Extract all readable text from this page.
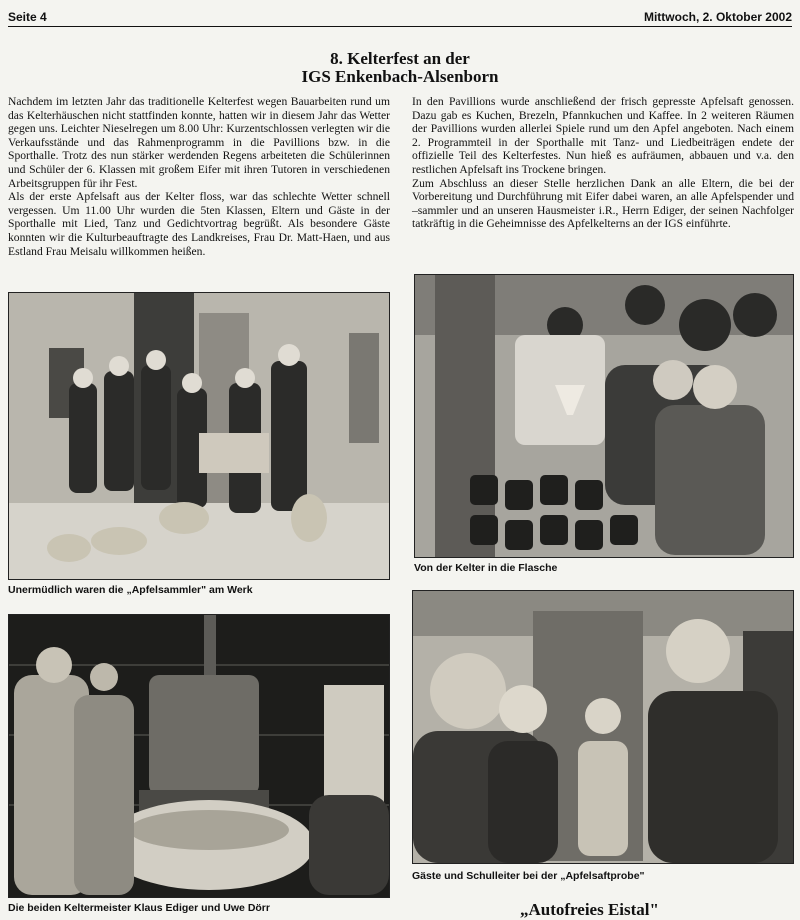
Seite 4	Mittwoch, 2. Oktober 2002
8. Kelterfest an der
IGS Enkenbach-Alsenborn

Nachdem im letzten Jahr das traditionelle Kelterfest wegen Bauarbeiten rund um das Kelterhäuschen nicht stattfinden konnte, hatten wir in diesem Jahr das Wetter gegen uns. Leichter Nieselregen um 8.00 Uhr: Kurzentschlossen verlegten wir die Verkaufsstände und das Rahmenprogramm in die Pavillions bzw. in die Sporthalle. Trotz des nun stärker werdenden Regens arbeiteten die Schülerinnen und Schüler der 6. Klassen mit großem Eifer mit ihren Tutoren in verschiedenen Arbeitsgruppen für ihr Fest.

Als der erste Apfelsaft aus der Kelter floss, war das schlechte Wetter schnell vergessen. Um 11.00 Uhr wurden die 5ten Klassen, Eltern und Gäste in der Sporthalle mit Lied, Tanz und Gedichtvortrag begrüßt. Als besondere Gäste konnten wir die Kulturbeauftragte des Landkreises, Frau Dr. Matt-Haen, und aus Estland Frau Meisalu willkommen heißen.

In den Pavillions wurde anschließend der frisch gepresste Apfelsaft genossen. Dazu gab es Kuchen, Brezeln, Pfannkuchen und Kaffee. In 2 weiteren Räumen der Pavillions wurden allerlei Spiele rund um den Apfel angeboten. Nach einem 2. Programmteil in der Sporthalle mit Tanz- und Liedbeiträgen endete der offizielle Teil des Kelterfestes. Nun hieß es aufräumen, abbauen und v.a. den restlichen Apfelsaft ins Trockene bringen.

Zum Abschluss an dieser Stelle herzlichen Dank an alle Eltern, die bei der Vorbereitung und Durchführung mit Eifer dabei waren, an alle Apfelspender und –sammler und an unseren Hausmeister i.R., Herrn Ediger, der seinen Nachfolger tatkräftig in die Geheimnisse des Apfelkelterns an der IGS einführte.

Unermüdlich waren die „Apfelsammler" am Werk
Von der Kelter in die Flasche
Die beiden Keltermeister Klaus Ediger und Uwe Dörr
Gäste und Schulleiter bei der „Apfelsaftprobe"
„Autofreies Eistal"
